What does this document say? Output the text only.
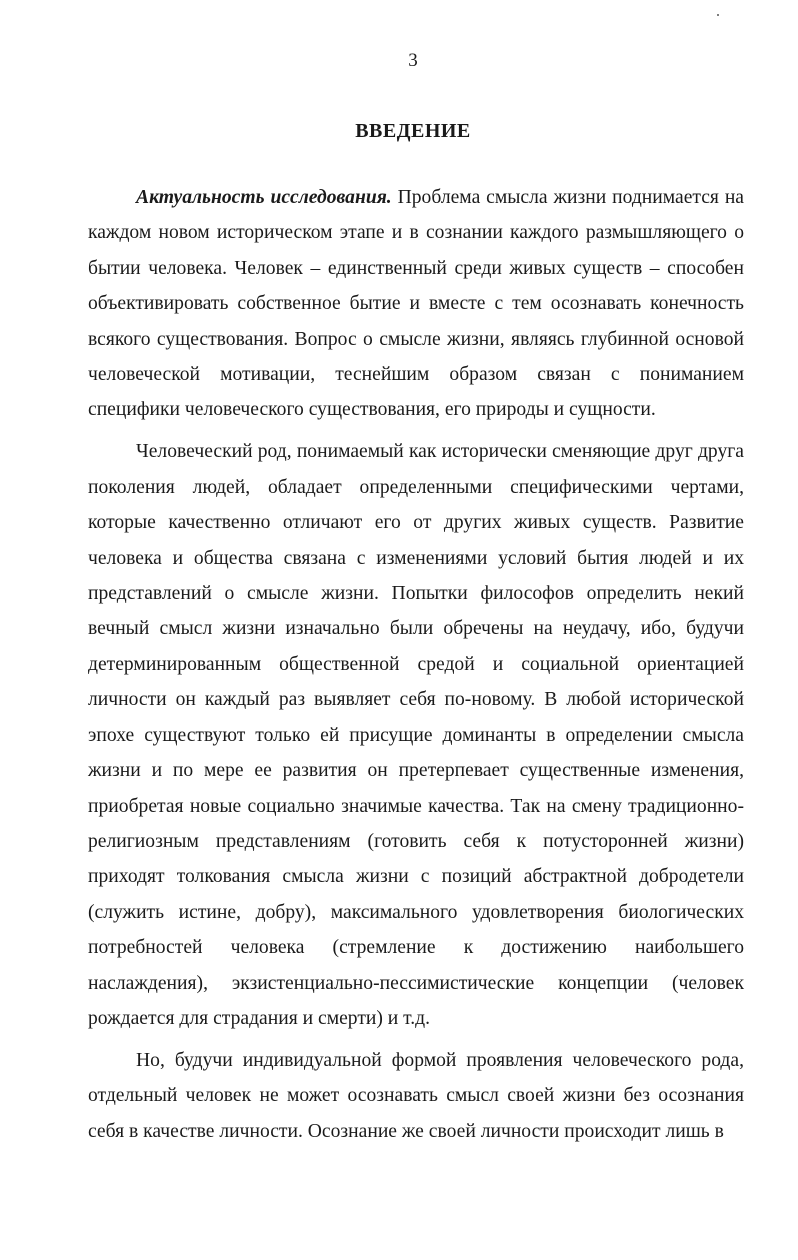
3
ВВЕДЕНИЕ

Актуальность исследования. Проблема смысла жизни поднимается на каждом новом историческом этапе и в сознании каждого размышляющего о бытии человека. Человек – единственный среди живых существ – способен объективировать собственное бытие и вместе с тем осознавать конечность всякого существования. Вопрос о смысле жизни, являясь глубинной основой человеческой мотивации, теснейшим образом связан с пониманием специфики человеческого существования, его природы и сущности.

Человеческий род, понимаемый как исторически сменяющие друг друга поколения людей, обладает определенными специфическими чертами, которые качественно отличают его от других живых существ. Развитие человека и общества связана с изменениями условий бытия людей и их представлений о смысле жизни. Попытки философов определить некий вечный смысл жизни изначально были обречены на неудачу, ибо, будучи детерминированным общественной средой и социальной ориентацией личности он каждый раз выявляет себя по-новому. В любой исторической эпохе существуют только ей присущие доминанты в определении смысла жизни и по мере ее развития он претерпевает существенные изменения, приобретая новые социально значимые качества. Так на смену традиционно-религиозным представлениям (готовить себя к потусторонней жизни) приходят толкования смысла жизни с позиций абстрактной добродетели (служить истине, добру), максимального удовлетворения биологических потребностей человека (стремление к достижению наибольшего наслаждения), экзистенциально-пессимистические концепции (человек рождается для страдания и смерти) и т.д.

Но, будучи индивидуальной формой проявления человеческого рода, отдельный человек не может осознавать смысл своей жизни без осознания себя в качестве личности. Осознание же своей личности происходит лишь в
